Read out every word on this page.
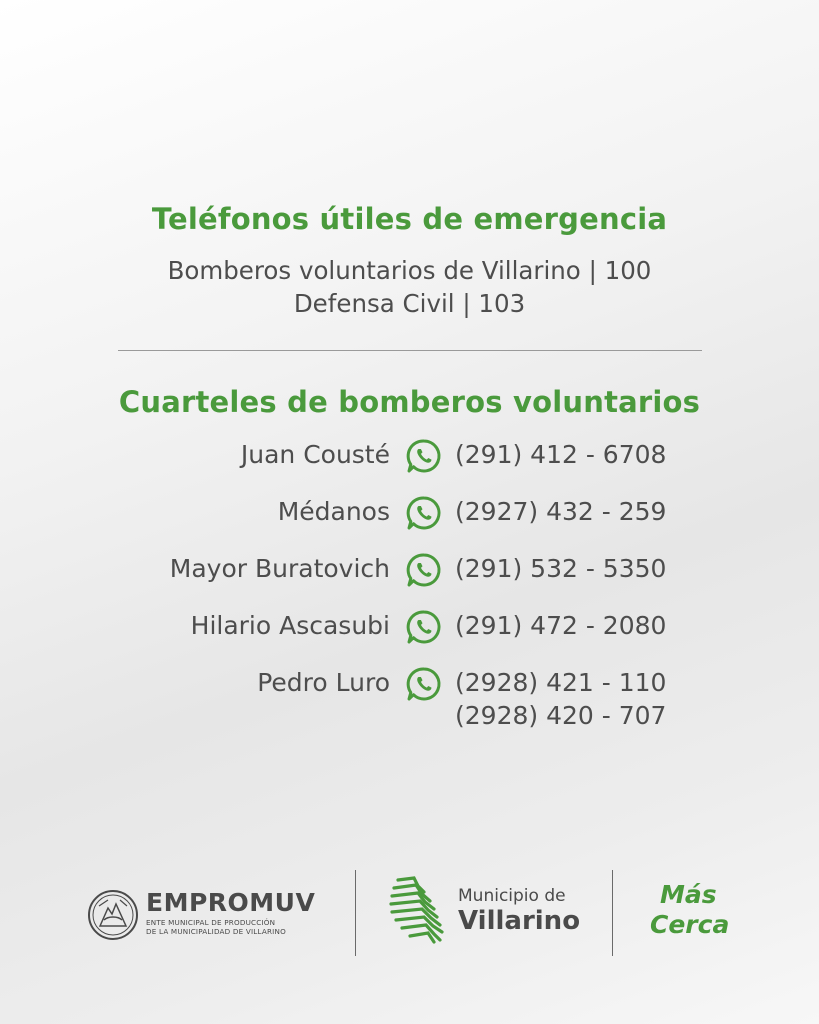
Teléfonos útiles de emergencia
Bomberos voluntarios de Villarino | 100
Defensa Civil | 103
Cuarteles de bomberos voluntarios
Juan Cousté	(291) 412 - 6708
Médanos	(2927) 432 - 259
Mayor Buratovich	(291) 532 - 5350
Hilario Ascasubi	(291) 472 - 2080
Pedro Luro	(2928) 421 - 110
(2928) 420 - 707
EMPROMUV
ENTE MUNICIPAL DE PRODUCCIÓN
DE LA MUNICIPALIDAD DE VILLARINO
Municipio de
Villarino
Más
Cerca
